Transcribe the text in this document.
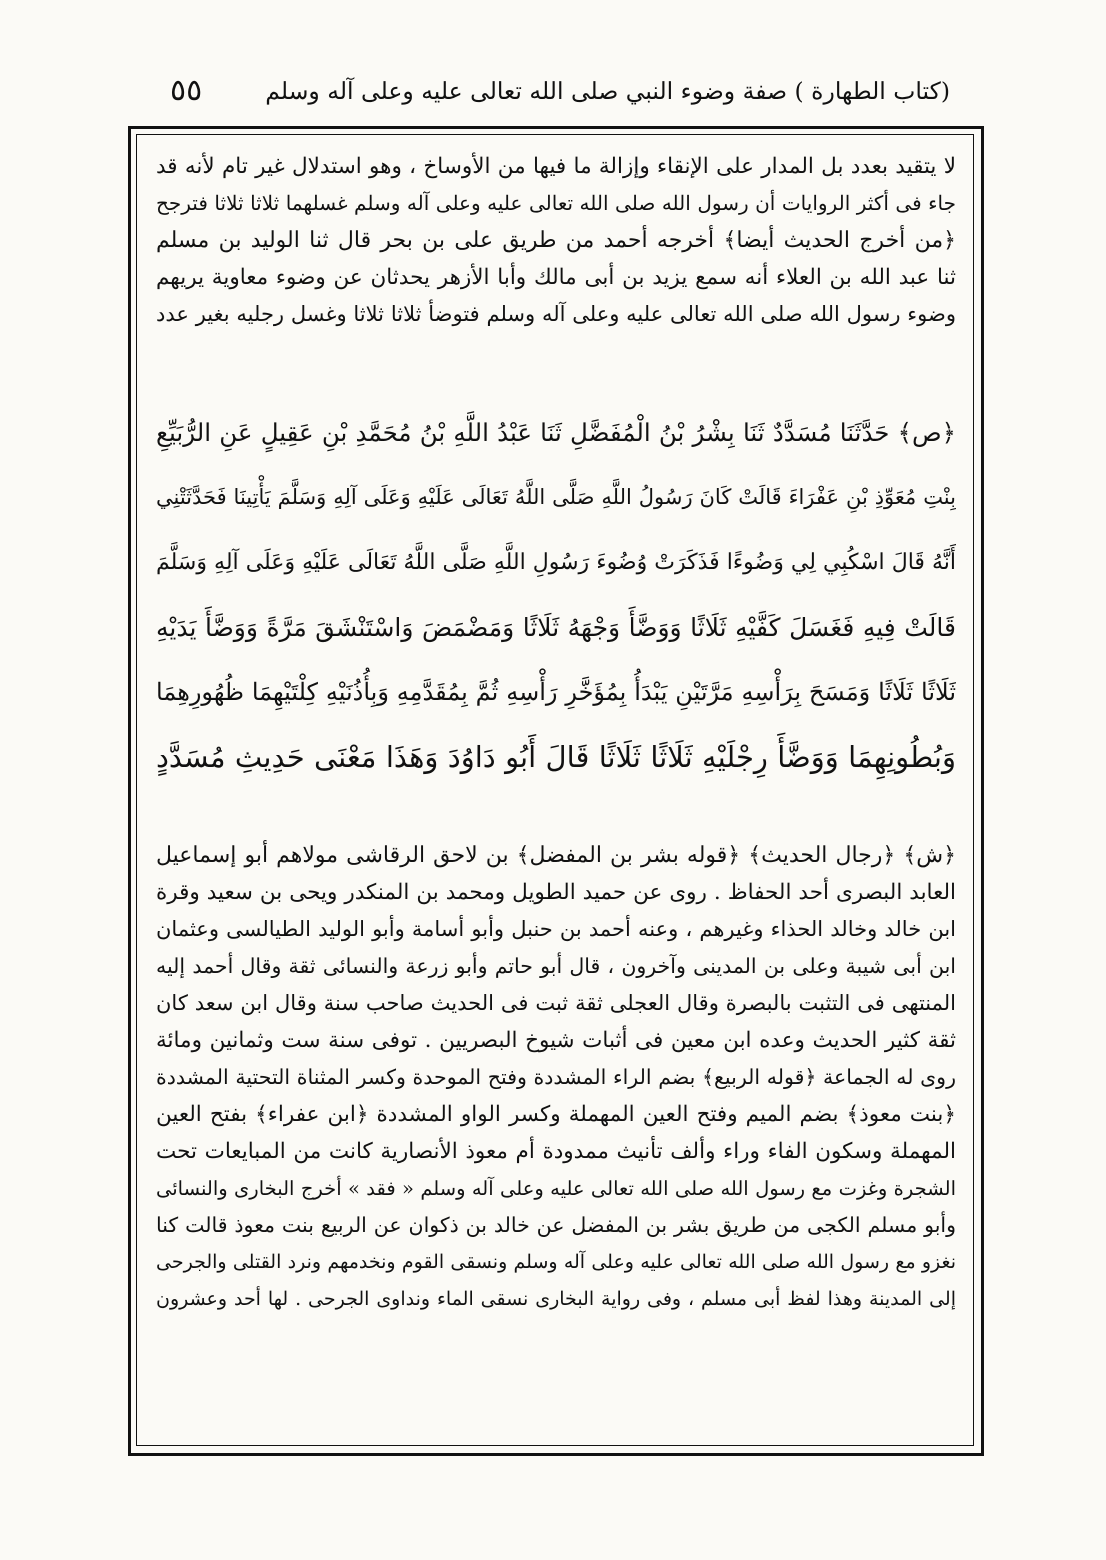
(كتاب الطهارة ) صفة وضوء النبي صلى الله تعالى عليه وعلى آله وسلم
٥٥
لا يتقيد بعدد بل المدار على الإنقاء وإزالة ما فيها من الأوساخ ، وهو استدلال غير تام لأنه قد
جاء فى أكثر الروايات أن رسول الله صلى الله تعالى عليه وعلى آله وسلم غسلهما ثلاثا ثلاثا فترجح
﴿من أخرج الحديث أيضا﴾ أخرجه أحمد من طريق على بن بحر قال ثنا الوليد بن مسلم
ثنا عبد الله بن العلاء أنه سمع يزيد بن أبى مالك وأبا الأزهر يحدثان عن وضوء معاوية يريهم
وضوء رسول الله صلى الله تعالى عليه وعلى آله وسلم فتوضأ ثلاثا ثلاثا وغسل رجليه بغير عدد
﴿ص﴾ حَدَّثَنَا مُسَدَّدٌ ثَنَا بِشْرُ بْنُ الْمُفَضَّلِ ثَنَا عَبْدُ اللَّهِ بْنُ مُحَمَّدِ بْنِ عَقِيلٍ عَنِ الرُّبَيِّعِ
بِنْتِ مُعَوِّذِ بْنِ عَفْرَاءَ قَالَتْ كَانَ رَسُولُ اللَّهِ صَلَّى اللَّهُ تَعَالَى عَلَيْهِ وَعَلَى آلِهِ وَسَلَّمَ يَأْتِينَا فَحَدَّثَتْنِي
أَنَّهُ قَالَ اسْكُبِي لِي وَضُوءًا فَذَكَرَتْ وُضُوءَ رَسُولِ اللَّهِ صَلَّى اللَّهُ تَعَالَى عَلَيْهِ وَعَلَى آلِهِ وَسَلَّمَ
قَالَتْ فِيهِ فَغَسَلَ كَفَّيْهِ ثَلَاثًا وَوَضَّأَ وَجْهَهُ ثَلَاثًا وَمَضْمَضَ وَاسْتَنْشَقَ مَرَّةً وَوَضَّأَ يَدَيْهِ
ثَلَاثًا ثَلَاثًا وَمَسَحَ بِرَأْسِهِ مَرَّتَيْنِ يَبْدَأُ بِمُؤَخَّرِ رَأْسِهِ ثُمَّ بِمُقَدَّمِهِ وَبِأُذُنَيْهِ كِلْتَيْهِمَا ظُهُورِهِمَا
وَبُطُونِهِمَا وَوَضَّأَ رِجْلَيْهِ ثَلَاثًا ثَلَاثًا قَالَ أَبُو دَاوُدَ وَهَذَا مَعْنَى حَدِيثِ مُسَدَّدٍ
﴿ش﴾ ﴿رجال الحديث﴾ ﴿قوله بشر بن المفضل﴾ بن لاحق الرقاشى مولاهم أبو إسماعيل
العابد البصرى أحد الحفاظ . روى عن حميد الطويل ومحمد بن المنكدر ويحى بن سعيد وقرة
ابن خالد وخالد الحذاء وغيرهم ، وعنه أحمد بن حنبل وأبو أسامة وأبو الوليد الطيالسى وعثمان
ابن أبى شيبة وعلى بن المدينى وآخرون ، قال أبو حاتم وأبو زرعة والنسائى ثقة وقال أحمد إليه
المنتهى فى التثبت بالبصرة وقال العجلى ثقة ثبت فى الحديث صاحب سنة وقال ابن سعد كان
ثقة كثير الحديث وعده ابن معين فى أثبات شيوخ البصريين . توفى سنة ست وثمانين ومائة
روى له الجماعة ﴿قوله الربيع﴾ بضم الراء المشددة وفتح الموحدة وكسر المثناة التحتية المشددة
﴿بنت معوذ﴾ بضم الميم وفتح العين المهملة وكسر الواو المشددة ﴿ابن عفراء﴾ بفتح العين
المهملة وسكون الفاء وراء وألف تأنيث ممدودة أم معوذ الأنصارية كانت من المبايعات تحت
الشجرة وغزت مع رسول الله صلى الله تعالى عليه وعلى آله وسلم « فقد » أخرج البخارى والنسائى
وأبو مسلم الكجى من طريق بشر بن المفضل عن خالد بن ذكوان عن الربيع بنت معوذ قالت كنا
نغزو مع رسول الله صلى الله تعالى عليه وعلى آله وسلم ونسقى القوم ونخدمهم ونرد القتلى والجرحى
إلى المدينة وهذا لفظ أبى مسلم ، وفى رواية البخارى نسقى الماء ونداوى الجرحى . لها أحد وعشرون
